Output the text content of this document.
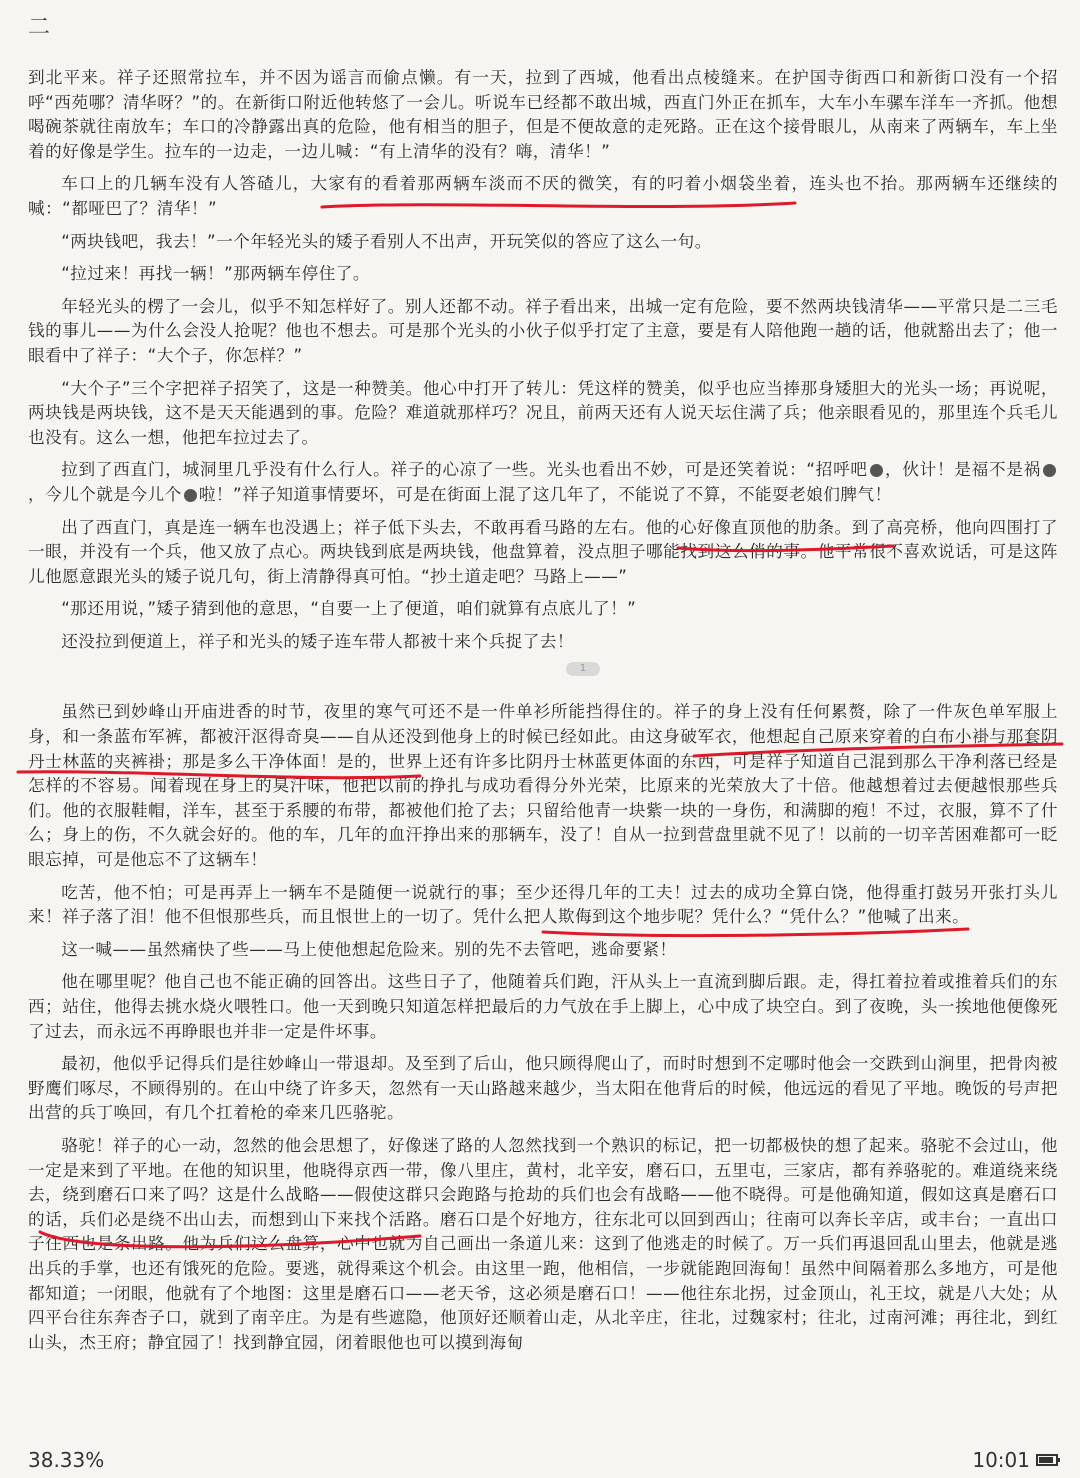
二

到北平来。祥子还照常拉车，并不因为谣言而偷点懒。有一天，拉到了西城，他看出点棱缝来。在护国寺街西口和新街口没有一个招呼“西苑哪？清华呀？”的。在新街口附近他转悠了一会儿。听说车已经都不敢出城，西直门外正在抓车，大车小车骡车洋车一齐抓。他想喝碗茶就往南放车；车口的冷静露出真的危险，他有相当的胆子，但是不便故意的走死路。正在这个接骨眼儿，从南来了两辆车，车上坐着的好像是学生。拉车的一边走，一边儿喊：“有上清华的没有？嗨，清华！”

车口上的几辆车没有人答碴儿，大家有的看着那两辆车淡而不厌的微笑，有的叼着小烟袋坐着，连头也不抬。那两辆车还继续的喊：“都哑巴了？清华！”

“两块钱吧，我去！”一个年轻光头的矮子看别人不出声，开玩笑似的答应了这么一句。

“拉过来！再找一辆！”那两辆车停住了。

年轻光头的楞了一会儿，似乎不知怎样好了。别人还都不动。祥子看出来，出城一定有危险，要不然两块钱清华——平常只是二三毛钱的事儿——为什么会没人抢呢？他也不想去。可是那个光头的小伙子似乎打定了主意，要是有人陪他跑一趟的话，他就豁出去了；他一眼看中了祥子：“大个子，你怎样？”

“大个子”三个字把祥子招笑了，这是一种赞美。他心中打开了转儿：凭这样的赞美，似乎也应当捧那身矮胆大的光头一场；再说呢，两块钱是两块钱，这不是天天能遇到的事。危险？难道就那样巧？况且，前两天还有人说天坛住满了兵；他亲眼看见的，那里连个兵毛儿也没有。这么一想，他把车拉过去了。

拉到了西直门，城洞里几乎没有什么行人。祥子的心凉了一些。光头也看出不妙，可是还笑着说：“招呼吧 ，伙计！是福不是祸，今儿个就是今儿个 啦！”祥子知道事情要坏，可是在街面上混了这几年了，不能说了不算，不能耍老娘们脾气！

出了西直门，真是连一辆车也没遇上；祥子低下头去，不敢再看马路的左右。他的心好像直顶他的肋条。到了高亮桥，他向四围打了一眼，并没有一个兵，他又放了点心。两块钱到底是两块钱，他盘算着，没点胆子哪能找到这么俏的事。他平常很不喜欢说话，可是这阵儿他愿意跟光头的矮子说几句，街上清静得真可怕。“抄土道走吧？马路上——”

“那还用说，”矮子猜到他的意思，“自要一上了便道，咱们就算有点底儿了！”

还没拉到便道上，祥子和光头的矮子连车带人都被十来个兵捉了去！

虽然已到妙峰山开庙进香的时节，夜里的寒气可还不是一件单衫所能挡得住的。祥子的身上没有任何累赘，除了一件灰色单军服上身，和一条蓝布军裤，都被汗沤得奇臭——自从还没到他身上的时候已经如此。由这身破军衣，他想起自己原来穿着的白布小褂与那套阴丹士林蓝的夹裤褂；那是多么干净体面！是的，世界上还有许多比阴丹士林蓝更体面的东西，可是祥子知道自己混到那么干净利落已经是怎样的不容易。闻着现在身上的臭汗味，他把以前的挣扎与成功看得分外光荣，比原来的光荣放大了十倍。他越想着过去便越恨那些兵们。他的衣服鞋帽，洋车，甚至于系腰的布带，都被他们抢了去；只留给他青一块紫一块的一身伤，和满脚的疱！不过，衣服，算不了什么；身上的伤，不久就会好的。他的车，几年的血汗挣出来的那辆车，没了！自从一拉到营盘里就不见了！以前的一切辛苦困难都可一眨眼忘掉，可是他忘不了这辆车！

吃苦，他不怕；可是再弄上一辆车不是随便一说就行的事；至少还得几年的工夫！过去的成功全算白饶，他得重打鼓另开张打头儿来！祥子落了泪！他不但恨那些兵，而且恨世上的一切了。凭什么把人欺侮到这个地步呢？凭什么？“凭什么？”他喊了出来。

这一喊——虽然痛快了些——马上使他想起危险来。别的先不去管吧，逃命要紧！

他在哪里呢？他自己也不能正确的回答出。这些日子了，他随着兵们跑，汗从头上一直流到脚后跟。走，得扛着拉着或推着兵们的东西；站住，他得去挑水烧火喂牲口。他一天到晚只知道怎样把最后的力气放在手上脚上，心中成了块空白。到了夜晚，头一挨地他便像死了过去，而永远不再睁眼也并非一定是件坏事。

最初，他似乎记得兵们是往妙峰山一带退却。及至到了后山，他只顾得爬山了，而时时想到不定哪时他会一交跌到山涧里，把骨肉被野鹰们啄尽，不顾得别的。在山中绕了许多天，忽然有一天山路越来越少，当太阳在他背后的时候，他远远的看见了平地。晚饭的号声把出营的兵丁唤回，有几个扛着枪的牵来几匹骆驼。

骆驼！祥子的心一动，忽然的他会思想了，好像迷了路的人忽然找到一个熟识的标记，把一切都极快的想了起来。骆驼不会过山，他一定是来到了平地。在他的知识里，他晓得京西一带，像八里庄，黄村，北辛安，磨石口，五里屯，三家店，都有养骆驼的。难道绕来绕去，绕到磨石口来了吗？这是什么战略——假使这群只会跑路与抢劫的兵们也会有战略——他不晓得。可是他确知道，假如这真是磨石口的话，兵们必是绕不出山去，而想到山下来找个活路。磨石口是个好地方，往东北可以回到西山；往南可以奔长辛店，或丰台；一直出口子往西也是条出路。他为兵们这么盘算，心中也就为自己画出一条道儿来：这到了他逃走的时候了。万一兵们再退回乱山里去，他就是逃出兵的手掌，也还有饿死的危险。要逃，就得乘这个机会。由这里一跑，他相信，一步就能跑回海甸！虽然中间隔着那么多地方，可是他都知道；一闭眼，他就有了个地图：这里是磨石口——老天爷，这必须是磨石口！——他往东北拐，过金顶山，礼王坟，就是八大处；从四平台往东奔杏子口，就到了南辛庄。为是有些遮隐，他顶好还顺着山走，从北辛庄，往北，过魏家村；往北，过南河滩；再往北，到红山头，杰王府；静宜园了！找到静宜园，闭着眼他也可以摸到海甸

1
38.33%	10:01
